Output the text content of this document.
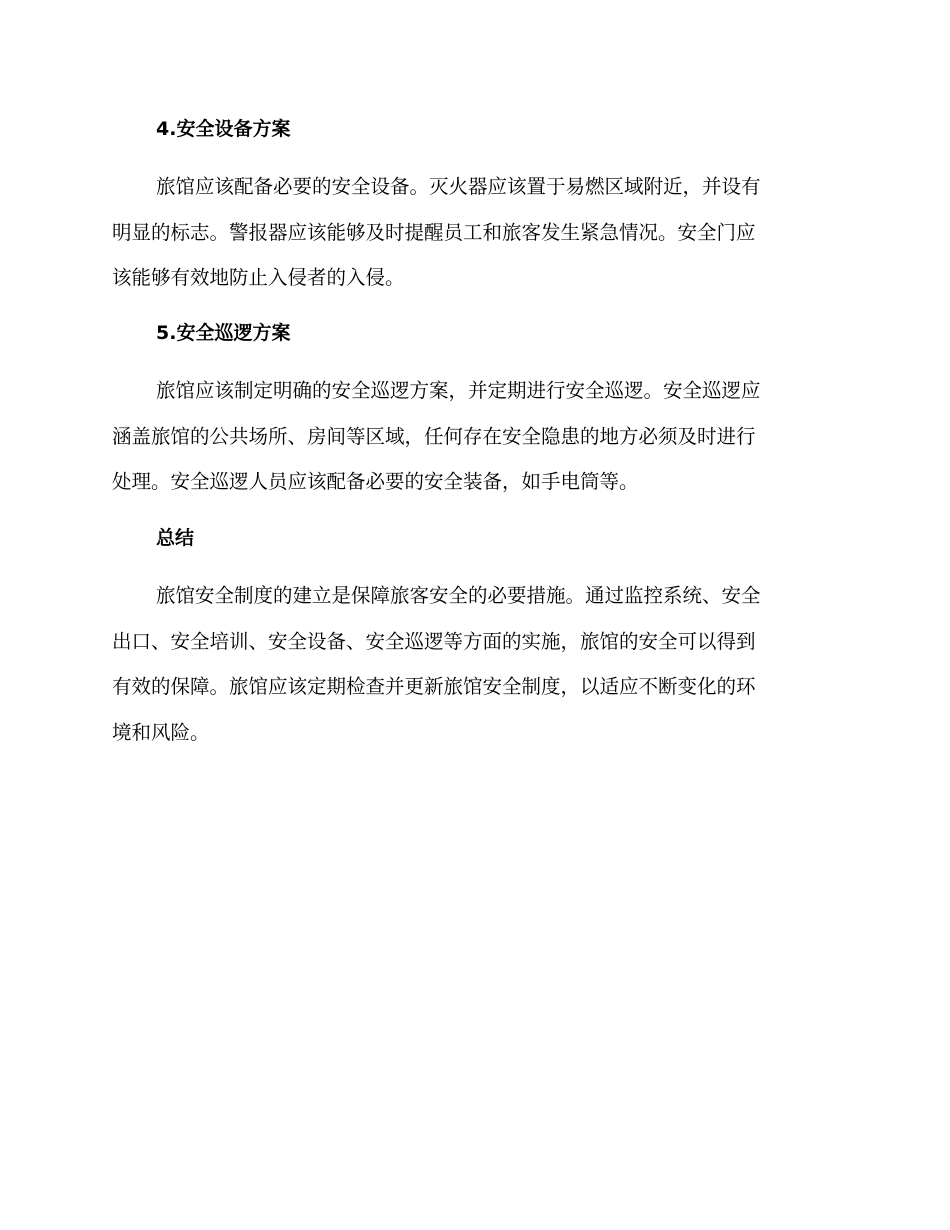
4.安全设备方案

旅馆应该配备必要的安全设备。灭火器应该置于易燃区域附近，并设有
明显的标志。警报器应该能够及时提醒员工和旅客发生紧急情况。安全门应
该能够有效地防止入侵者的入侵。

5.安全巡逻方案

旅馆应该制定明确的安全巡逻方案，并定期进行安全巡逻。安全巡逻应
涵盖旅馆的公共场所、房间等区域，任何存在安全隐患的地方必须及时进行
处理。安全巡逻人员应该配备必要的安全装备，如手电筒等。

总结

旅馆安全制度的建立是保障旅客安全的必要措施。通过监控系统、安全
出口、安全培训、安全设备、安全巡逻等方面的实施，旅馆的安全可以得到
有效的保障。旅馆应该定期检查并更新旅馆安全制度，以适应不断变化的环
境和风险。
